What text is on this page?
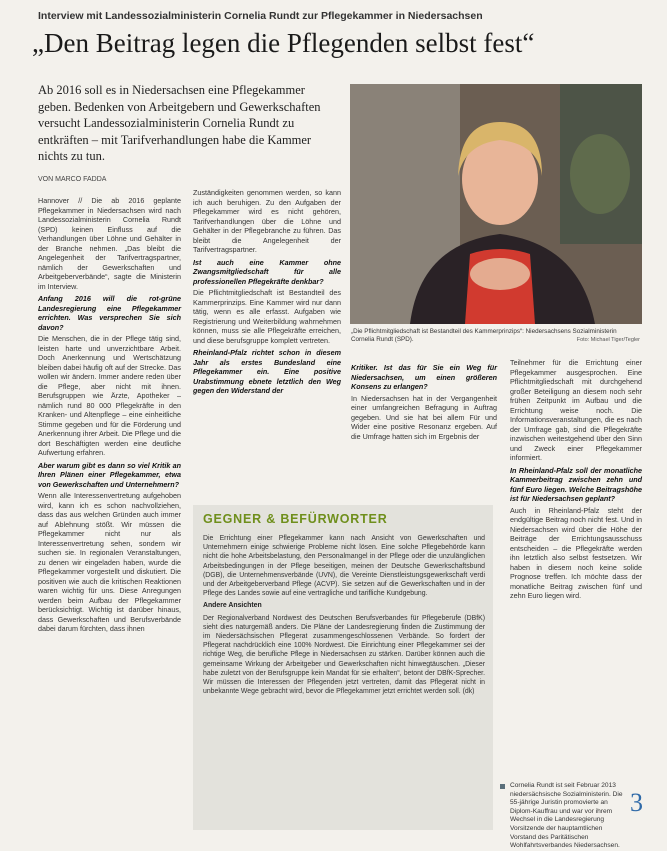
Interview mit Landessozialministerin Cornelia Rundt zur Pflegekammer in Niedersachsen
„Den Beitrag legen die Pflegenden selbst fest“
Ab 2016 soll es in Niedersachsen eine Pflegekammer geben. Bedenken von Arbeitgebern und Gewerkschaften versucht Landessozialministerin Cornelia Rundt zu entkräften – mit Tarifverhandlungen habe die Kammer nichts zu tun.
VON MARCO FADDA

Hannover // Die ab 2016 geplante Pflegekammer in Niedersachsen wird nach Landessozialministerin Cornelia Rundt (SPD) keinen Einfluss auf die Verhandlungen über Löhne und Gehälter in der Branche nehmen. „Das bleibt die Angelegenheit der Tarifvertragspartner, nämlich der Gewerkschaften und Arbeitgeberverbände“, sagte die Ministerin im Interview.

Anfang 2016 will die rot-grüne Landesregierung eine Pflegekammer errichten. Was versprechen Sie sich davon?

Die Menschen, die in der Pflege tätig sind, leisten harte und unverzichtbare Arbeit. Doch Anerkennung und Wertschätzung bleiben dabei häufig oft auf der Strecke. Das wollen wir ändern. Immer andere reden über die Pflege, aber nicht mit ihnen. Berufsgruppen wie Ärzte, Apotheker – nämlich rund 80 000 Pflegekräfte in den Kranken- und Altenpflege – eine einheitliche Stimme gegeben und für die Förderung und Anerkennung ihrer Arbeit. Die Pflege und die dort Beschäftigten werden eine deutliche Aufwertung erfahren.

Aber warum gibt es dann so viel Kritik an Ihren Plänen einer Pflegekammer, etwa von Gewerkschaften und Unternehmern?

Wenn alle Interessenvertretung aufgehoben wird, kann ich es schon nachvollziehen, dass das aus welchen Gründen auch immer auf Ablehnung stößt. Wir müssen die Pflegekammer nicht nur als Interessenvertretung sehen, sondern wir suchen sie. In regionalen Veranstaltungen, zu denen wir eingeladen haben, wurde die Pflegekammer vorgestellt und diskutiert. Die positiven wie auch die kritischen Reaktionen waren wichtig für uns. Diese Anregungen werden beim Aufbau der Pflegekammer berücksichtigt. Wichtig ist darüber hinaus, dass Gewerkschaften und Berufsverbände dabei darum fürchten, dass ihnen

Zuständigkeiten genommen werden, so kann ich auch beruhigen. Zu den Aufgaben der Pflegekammer wird es nicht gehören, Tarifverhandlungen über die Löhne und Gehälter in der Pflegebranche zu führen. Das bleibt die Angelegenheit der Tarifvertragspartner.

Ist auch eine Kammer ohne Zwangsmitgliedschaft für alle professionellen Pflegekräfte denkbar?

Die Pflichtmitgliedschaft ist Bestandteil des Kammerprinzips. Eine Kammer wird nur dann tätig, wenn es alle erfasst. Aufgaben wie Registrierung und Weiterbildung wahrnehmen können, muss sie alle Pflegekräfte erreichen, und diese berufsgruppe komplett vertreten.

Rheinland-Pfalz richtet schon in diesem Jahr als erstes Bundesland eine Pflegekammer ein. Eine positive Urabstimmung ebnete letztlich den Weg gegen den Widerstand der

Kritiker. Ist das für Sie ein Weg für Niedersachsen, um einen größeren Konsens zu erlangen?

In Niedersachsen hat in der Vergangenheit einer umfangreichen Befragung in Auftrag gegeben. Und sie hat bei allem Für und Wider eine positive Resonanz ergeben. Auf die Umfrage hatten sich im Ergebnis der

Teilnehmer für die Errichtung einer Pflegekammer ausgesprochen. Eine Pflichtmitgliedschaft mit durchgehend großer Beteiligung an diesem noch sehr frühen Zeitpunkt im Aufbau und die Errichtung weise noch. Die Informationsveranstaltungen, die es nach der Umfrage gab, sind die Pflegekräfte inzwischen weitestgehend über den Sinn und Zweck einer Pflegekammer informiert.

In Rheinland-Pfalz soll der monatliche Kammerbeitrag zwischen zehn und fünf Euro liegen. Welche Beitragshöhe ist für Niedersachsen geplant?

Auch in Rheinland-Pfalz steht der endgültige Beitrag noch nicht fest. Und in Niedersachsen wird über die Höhe der Beiträge der Errichtungsausschuss entscheiden – die Pflegekräfte werden ihn letztlich also selbst festsetzen. Wir haben in diesem noch keine solide Prognose treffen. Ich möchte dass der monatliche Beitrag zwischen fünf und zehn Euro liegen wird.

„Die Pflichtmitgliedschaft ist Bestandteil des Kammerprinzips“: Niedersachsens Sozialministerin Cornelia Rundt (SPD).	Foto: Michael Tiger/Tegler
GEGNER & BEFÜRWORTER

Die Errichtung einer Pflegekammer kann nach Ansicht von Gewerkschaften und Unternehmern einige schwierige Probleme nicht lösen. Eine solche Pflegebehörde kann nicht die hohe Arbeitsbelastung, den Personalmangel in der Pflege oder die unzulänglichen Arbeitsbedingungen in der Pflege beseitigen, meinen der Deutsche Gewerkschaftsbund (DGB), die Unternehmensverbände (UVN), die Vereinte Dienstleistungsgewerkschaft verdi und der Arbeitgeberverband Pflege (ACVP). Sie setzen auf die Gewerkschaften und in der Pflege des Landes sowie auf eine vertragliche und tarifliche Kundgebung.

Andere Ansichten

Der Regionalverband Nordwest des Deutschen Berufsverbandes für Pflegeberufe (DBfK) sieht dies naturgemäß anders. Die Pläne der Landesregierung finden die Zustimmung der im Niedersächsischen Pflegerat zusammengeschlossenen Verbände. So fordert der Pflegerat nachdrücklich eine 100% Nordwest. Die Einrichtung einer Pflegekammer sei der richtige Weg, die berufliche Pflege in Niedersachsen zu stärken. Darüber können auch die gemeinsame Wirkung der Arbeitgeber und Gewerkschaften nicht hinwegtäuschen. „Dieser habe zuletzt von der Berufsgruppe kein Mandat für sie erhalten“, betont der DBfK-Sprecher. Wir müssen die Interessen der Pflegenden jetzt vertreten, damit das Pflegerat nicht in unbekannte Wege gebracht wird, bevor die Pflegekammer jetzt errichtet werden soll. (dk)

Cornelia Rundt ist seit Februar 2013 niedersächsische Sozialministerin. Die 55-jährige Juristin promovierte an Diplom-Kauffrau und war vor ihrem Wechsel in die Landesregierung Vorsitzende der hauptamtlichen Vorstand des Paritätischen Wohlfahrtsverbandes Niedersachsen.
3
